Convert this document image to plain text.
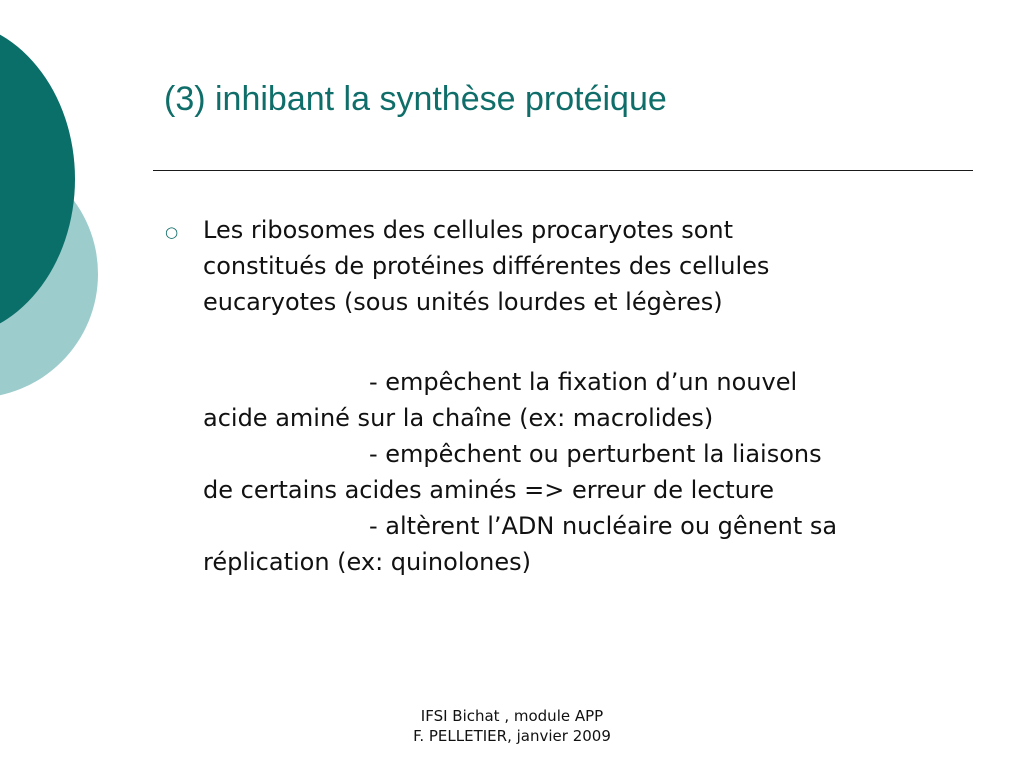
(3) inhibant la synthèse protéique
○ Les ribosomes des cellules procaryotes sont
constitués de protéines différentes des cellules
eucaryotes (sous unités lourdes et légères)

- empêchent la fixation d’un nouvel
acide aminé sur la chaîne (ex: macrolides)

- empêchent ou perturbent la liaisons
de certains acides aminés => erreur de lecture

- altèrent l’ADN nucléaire ou gênent sa
réplication (ex: quinolones)

IFSI Bichat , module APP
F. PELLETIER, janvier 2009
